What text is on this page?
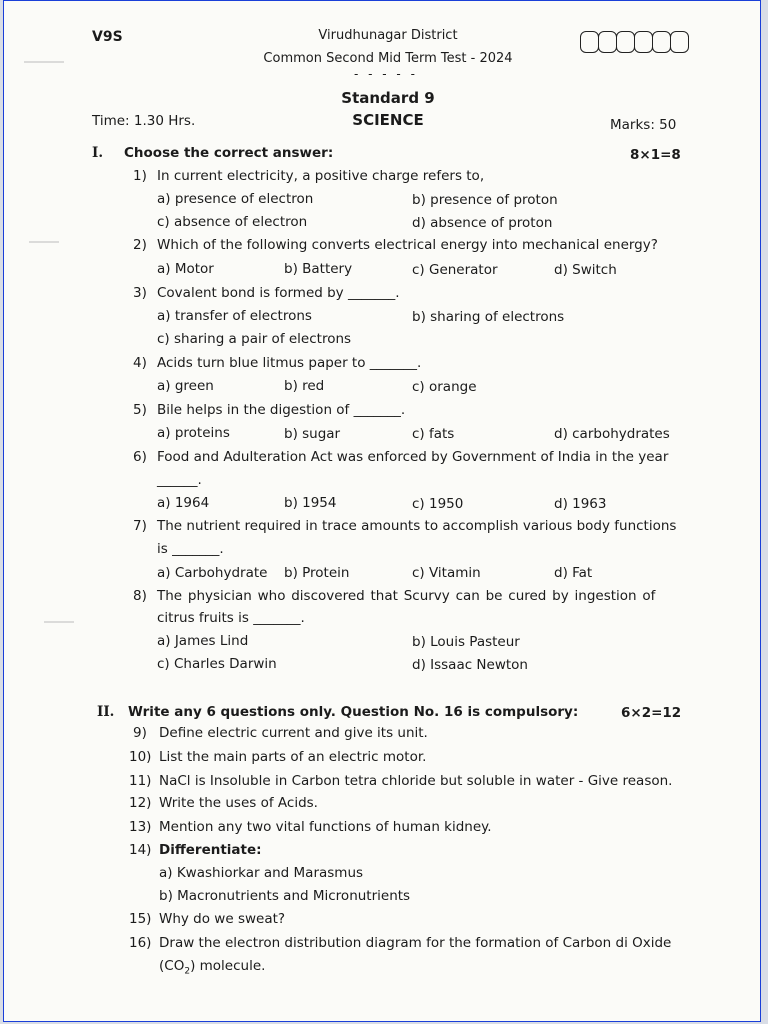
V9S	Virudhunagar District
Common Second Mid Term Test - 2024
- - - - -
Standard 9
SCIENCE
Time: 1.30 Hrs.	Marks: 50
I. Choose the correct answer:	8×1=8
1) In current electricity, a positive charge refers to,
a) presence of electron	b) presence of proton
c) absence of electron	d) absence of proton
2) Which of the following converts electrical energy into mechanical energy?
a) Motor	b) Battery	c) Generator	d) Switch
3) Covalent bond is formed by _______.
a) transfer of electrons	b) sharing of electrons
c) sharing a pair of electrons
4) Acids turn blue litmus paper to _______.
a) green	b) red	c) orange
5) Bile helps in the digestion of _______.
a) proteins	b) sugar	c) fats	d) carbohydrates
6) Food and Adulteration Act was enforced by Government of India in the year
______.
a) 1964	b) 1954	c) 1950	d) 1963
7) The nutrient required in trace amounts to accomplish various body functions
is _______.
a) Carbohydrate b) Protein	c) Vitamin	d) Fat
8) The physician who discovered that Scurvy can be cured by ingestion of
citrus fruits is _______.
a) James Lind	b) Louis Pasteur
c) Charles Darwin	d) Issaac Newton
II. Write any 6 questions only. Question No. 16 is compulsory:	6×2=12
9) Define electric current and give its unit.
10) List the main parts of an electric motor.
11) NaCl is Insoluble in Carbon tetra chloride but soluble in water - Give reason.
12) Write the uses of Acids.
13) Mention any two vital functions of human kidney.
14) Differentiate:
a) Kwashiorkar and Marasmus
b) Macronutrients and Micronutrients
15) Why do we sweat?
16) Draw the electron distribution diagram for the formation of Carbon di Oxide
$(CO_2)$ molecule.
